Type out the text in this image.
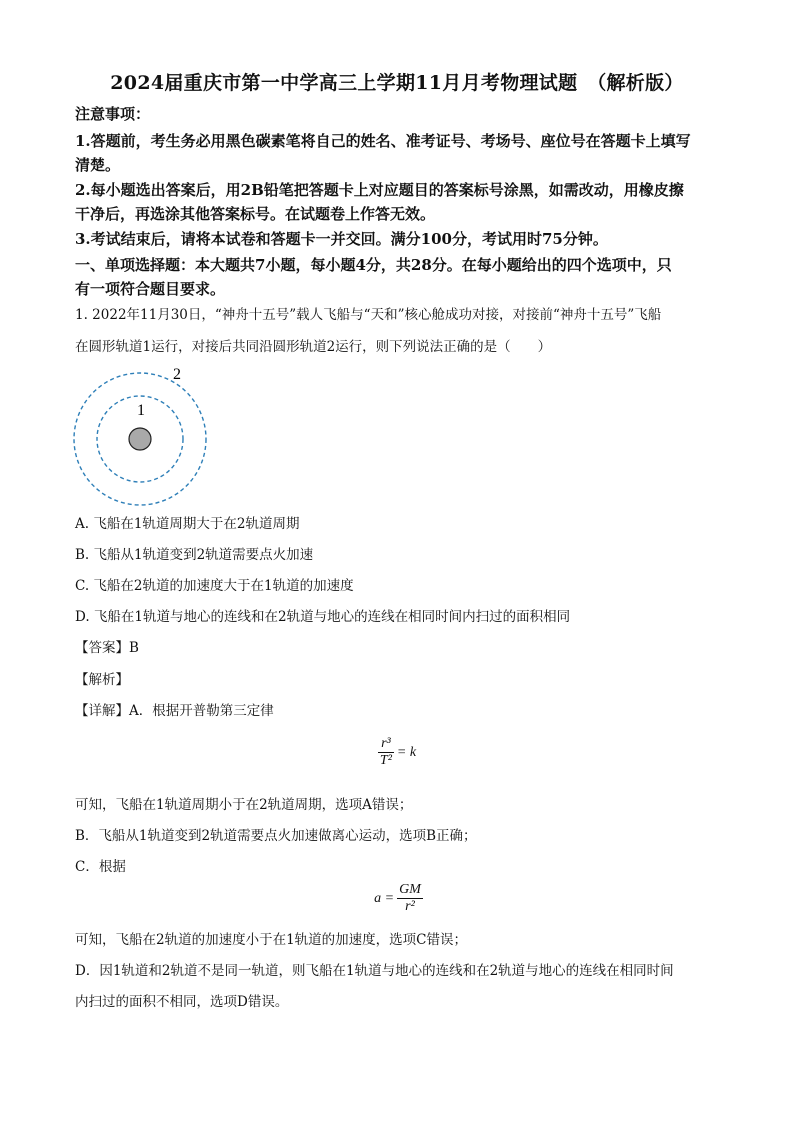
2024届重庆市第一中学高三上学期11月月考物理试题　（解析版）
注意事项：
1.答题前，考生务必用黑色碳素笔将自己的姓名、准考证号、考场号、座位号在答题卡上填写
清楚。
2.每小题选出答案后，用2B铅笔把答题卡上对应题目的答案标号涂黑，如需改动，用橡皮擦
干净后，再选涂其他答案标号。在试题卷上作答无效。
3.考试结束后，请将本试卷和答题卡一并交回。满分100分，考试用时75分钟。
一、单项选择题：本大题共7小题，每小题4分，共28分。在每小题给出的四个选项中，只
有一项符合题目要求。
1. 2022年11月30日，“神舟十五号”载人飞船与“天和”核心舱成功对接，对接前“神舟十五号”飞船
在圆形轨道1运行，对接后共同沿圆形轨道2运行，则下列说法正确的是（　　）
2
1
A. 飞船在1轨道周期大于在2轨道周期
B. 飞船从1轨道变到2轨道需要点火加速
C. 飞船在2轨道的加速度大于在1轨道的加速度
D. 飞船在1轨道与地心的连线和在2轨道与地心的连线在相同时间内扫过的面积相同
【答案】B
【解析】
【详解】A．根据开普勒第三定律
$\frac{\text{r³}}{\text{T²}} = k$
可知，飞船在1轨道周期小于在2轨道周期，选项A错误；
B．飞船从1轨道变到2轨道需要点火加速做离心运动，选项B正确；
C．根据
$a = \frac{GM}{\text{r²}}$
可知，飞船在2轨道的加速度小于在1轨道的加速度，选项C错误；
D．因1轨道和2轨道不是同一轨道，则飞船在1轨道与地心的连线和在2轨道与地心的连线在相同时间
内扫过的面积不相同，选项D错误。
